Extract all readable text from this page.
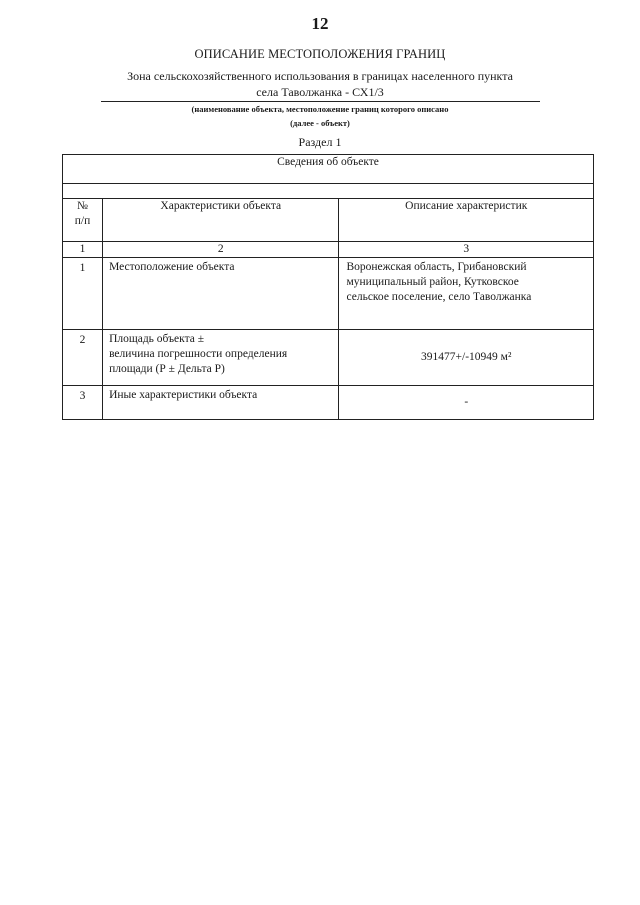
12
ОПИСАНИЕ МЕСТОПОЛОЖЕНИЯ ГРАНИЦ
Зона сельскохозяйственного использования в границах населенного пункта
села Таволжанка - СХ1/3
(наименование объекта, местоположение границ которого описано
(далее - объект)
Раздел 1
Сведения об объекте		

№
п/п	Характеристики объекта	Описание характеристик
1	2	3
1	Местоположение объекта	Воронежская область, Грибановский
муниципальный район, Кутковское
сельское поселение, село Таволжанка

2	Площадь объекта ±
величина погрешности определения
площади (Р ± Дельта Р)	391477+/-10949 м²

3	Иные характеристики объекта	-
